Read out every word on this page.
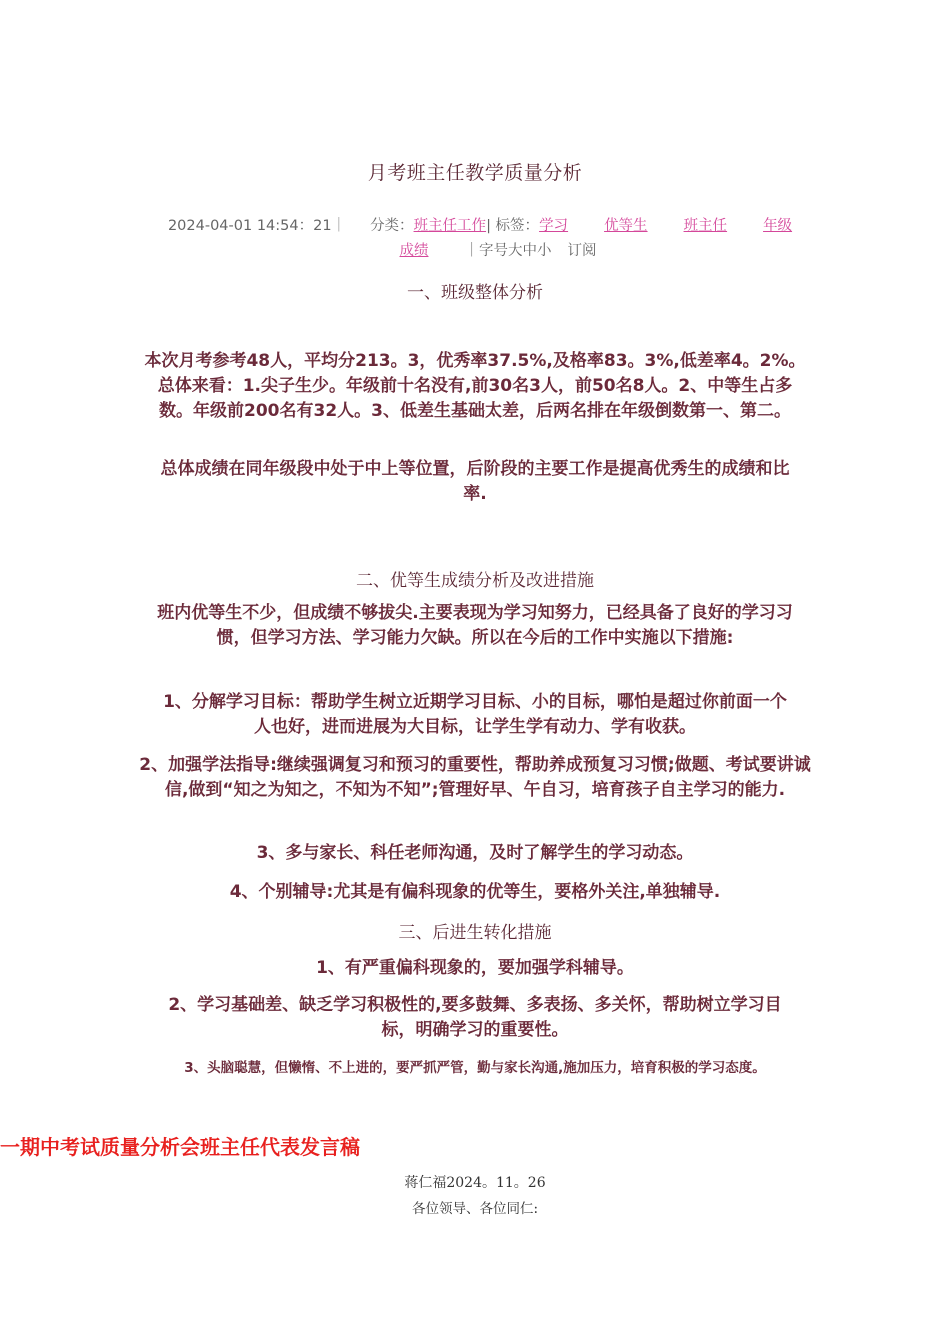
月考班主任教学质量分析
2024-04-01 14:54：21｜ 分类：班主任工作| 标签：学习 优等生 班主任 年级成绩 ｜字号大中小 订阅
一、班级整体分析
本次月考参考48人，平均分213。3，优秀率37.5%,及格率83。3%,低差率4。2%。总体来看：1.尖子生少。年级前十名没有,前30名3人，前50名8人。2、中等生占多数。年级前200名有32人。3、低差生基础太差，后两名排在年级倒数第一、第二。
总体成绩在同年级段中处于中上等位置，后阶段的主要工作是提高优秀生的成绩和比率.
二、优等生成绩分析及改进措施
班内优等生不少，但成绩不够拔尖.主要表现为学习知努力，已经具备了良好的学习习惯，但学习方法、学习能力欠缺。所以在今后的工作中实施以下措施:
1、分解学习目标：帮助学生树立近期学习目标、小的目标，哪怕是超过你前面一个人也好，进而进展为大目标，让学生学有动力、学有收获。
2、加强学法指导:继续强调复习和预习的重要性，帮助养成预复习习惯;做题、考试要讲诚信,做到“知之为知之，不知为不知”;管理好早、午自习，培育孩子自主学习的能力.
3、多与家长、科任老师沟通，及时了解学生的学习动态。
4、个别辅导:尤其是有偏科现象的优等生，要格外关注,单独辅导.
三、后进生转化措施
1、有严重偏科现象的，要加强学科辅导。
2、学习基础差、缺乏学习积极性的,要多鼓舞、多表扬、多关怀，帮助树立学习目标，明确学习的重要性。
3、头脑聪慧，但懒惰、不上进的，要严抓严管，勤与家长沟通,施加压力，培育积极的学习态度。
一期中考试质量分析会班主任代表发言稿
蒋仁福2024。11。26
各位领导、各位同仁:
